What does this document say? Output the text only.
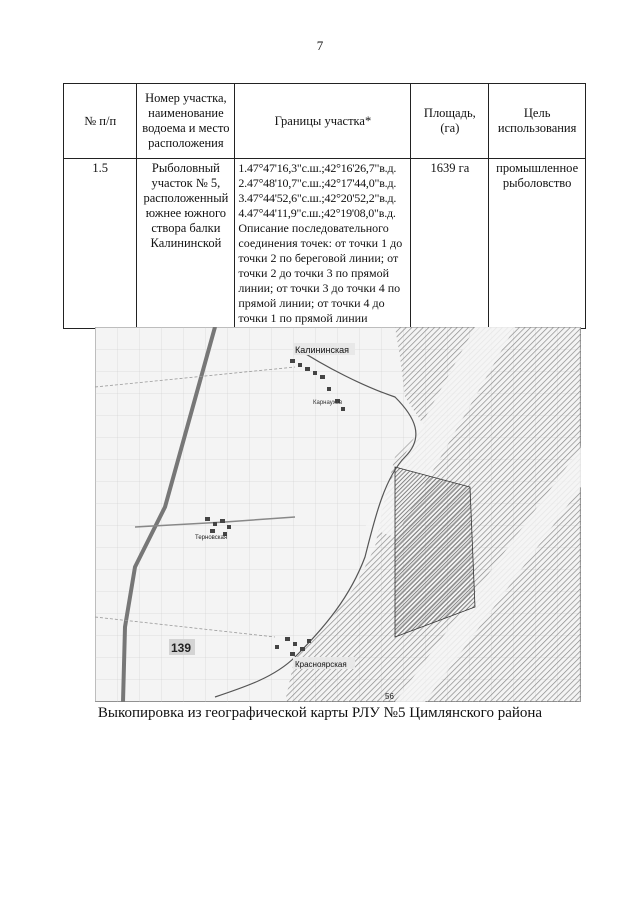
7
№ п/п	Номер участка, наименование водоема и место расположения	Границы участка*	Площадь, (га)	Цель использования
1.5	Рыболовный участок № 5, расположенный южнее южного створа балки Калининской	1.47°47'16,3"с.ш.;42°16'26,7"в.д.
2.47°48'10,7"с.ш.;42°17'44,0"в.д.
3.47°44'52,6"с.ш.;42°20'52,2"в.д.
4.47°44'11,9"с.ш.;42°19'08,0"в.д.
Описание последовательного соединения точек: от точки 1 до точки 2 по береговой линии; от точки 2 до точки 3 по прямой линии; от точки 3 до точки 4 по прямой линии; от точки 4 до точки 1 по прямой линии	1639 га	промышленное рыболовство
Калининская
Карнаухов
Терновская
Красноярская
139
56
Выкопировка из географической карты РЛУ №5 Цимлянского района
